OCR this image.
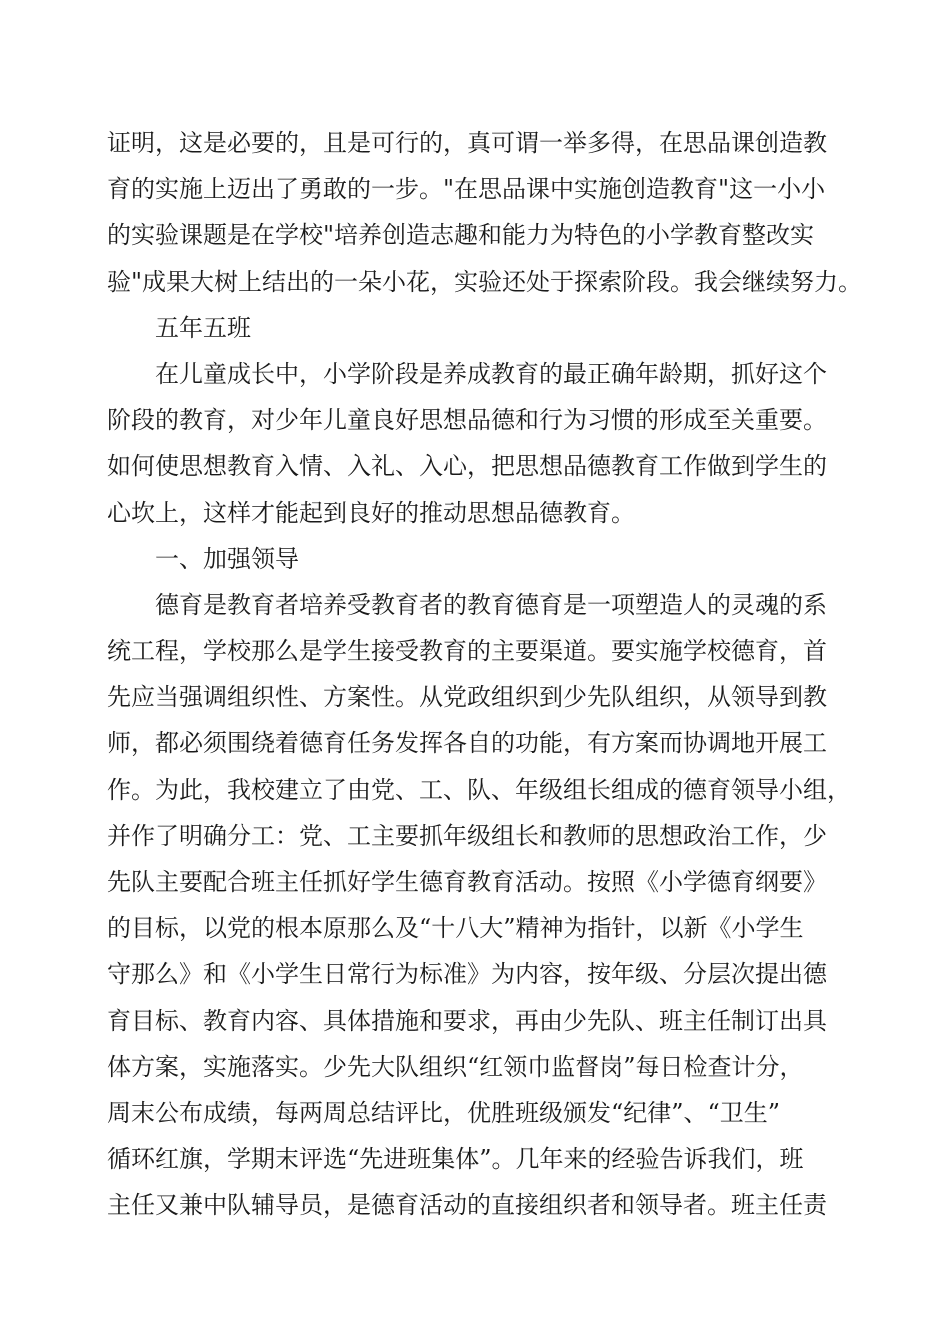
证明，这是必要的，且是可行的，真可谓一举多得，在思品课创造教
育的实施上迈出了勇敢的一步。"在思品课中实施创造教育"这一小小
的实验课题是在学校"培养创造志趣和能力为特色的小学教育整改实
验"成果大树上结出的一朵小花，实验还处于探索阶段。我会继续努力。
五年五班
在儿童成长中，小学阶段是养成教育的最正确年龄期，抓好这个
阶段的教育，对少年儿童良好思想品德和行为习惯的形成至关重要。
如何使思想教育入情、入礼、入心，把思想品德教育工作做到学生的
心坎上，这样才能起到良好的推动思想品德教育。
一、加强领导
德育是教育者培养受教育者的教育德育是一项塑造人的灵魂的系
统工程，学校那么是学生接受教育的主要渠道。要实施学校德育，首
先应当强调组织性、方案性。从党政组织到少先队组织，从领导到教
师，都必须围绕着德育任务发挥各自的功能，有方案而协调地开展工
作。为此，我校建立了由党、工、队、年级组长组成的德育领导小组，
并作了明确分工：党、工主要抓年级组长和教师的思想政治工作，少
先队主要配合班主任抓好学生德育教育活动。按照《小学德育纲要》
的目标，以党的根本原那么及“十八大”精神为指针，以新《小学生
守那么》和《小学生日常行为标准》为内容，按年级、分层次提出德
育目标、教育内容、具体措施和要求，再由少先队、班主任制订出具
体方案，实施落实。少先大队组织“红领巾监督岗”每日检查计分，
周末公布成绩，每两周总结评比，优胜班级颁发“纪律”、“卫生”
循环红旗，学期末评选“先进班集体”。几年来的经验告诉我们，班
主任又兼中队辅导员，是德育活动的直接组织者和领导者。班主任责
